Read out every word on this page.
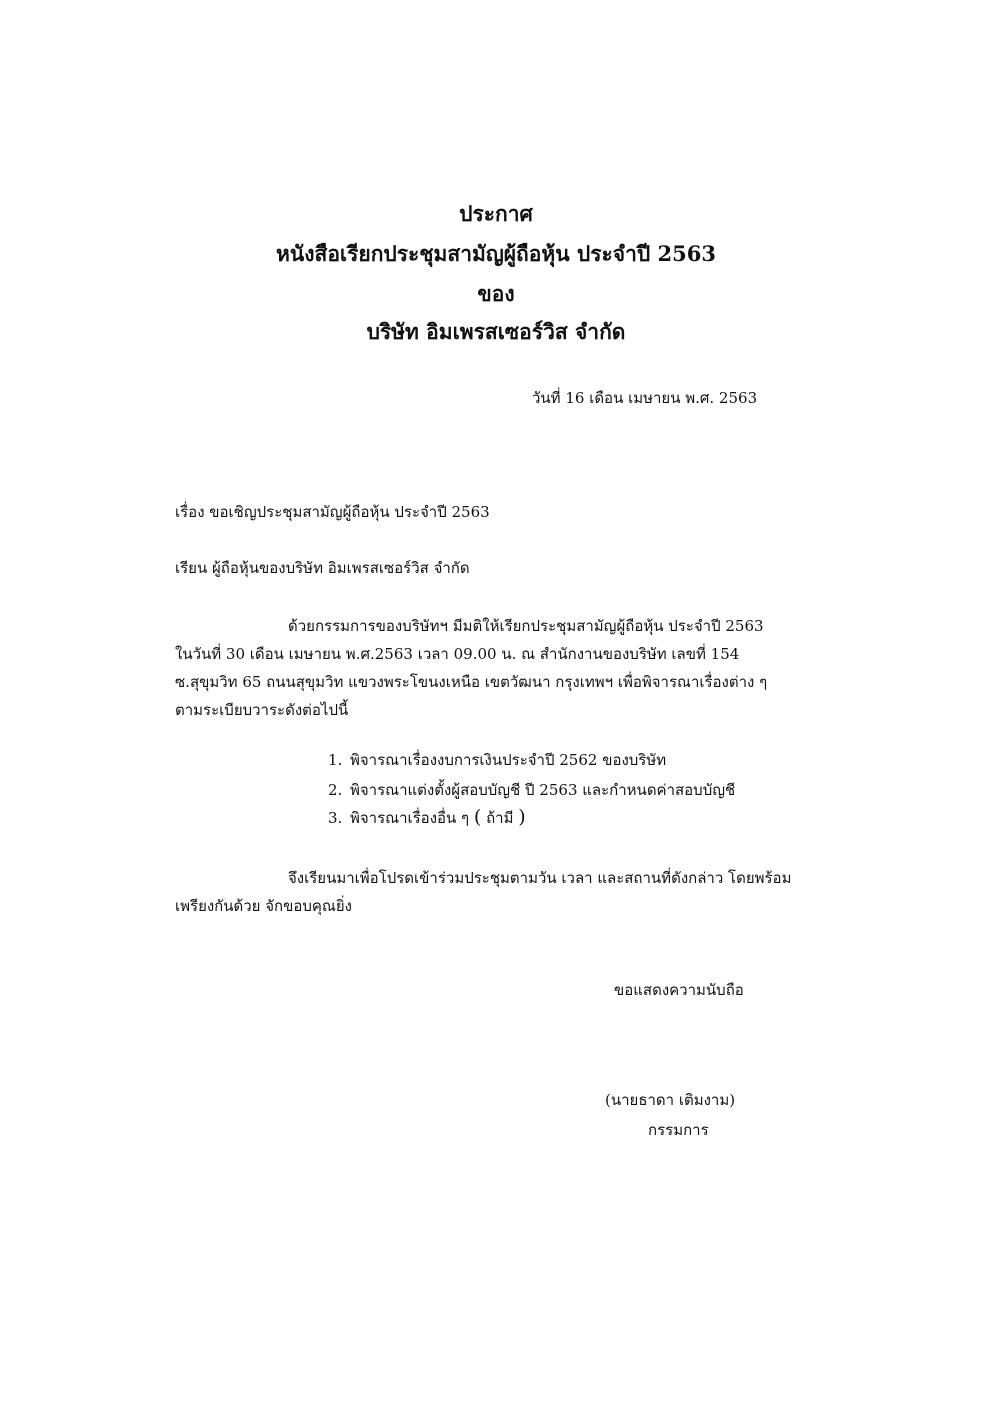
ประกาศ
หนังสือเรียกประชุมสามัญผู้ถือหุ้น ประจำปี 2563
ของ
บริษัท อิมเพรสเซอร์วิส จำกัด
วันที่ 16 เดือน เมษายน พ.ศ. 2563
เรื่อง ขอเชิญประชุมสามัญผู้ถือหุ้น ประจำปี 2563
เรียน ผู้ถือหุ้นของบริษัท อิมเพรสเซอร์วิส จำกัด
ด้วยกรรมการของบริษัทฯ มีมติให้เรียกประชุมสามัญผู้ถือหุ้น ประจำปี 2563
ในวันที่ 30 เดือน เมษายน พ.ศ.2563 เวลา 09.00 น. ณ สำนักงานของบริษัท เลขที่ 154
ซ.สุขุมวิท 65 ถนนสุขุมวิท แขวงพระโขนงเหนือ เขตวัฒนา กรุงเทพฯ เพื่อพิจารณาเรื่องต่าง ๆ
ตามระเบียบวาระดังต่อไปนี้
1. พิจารณาเรื่องงบการเงินประจำปี 2562 ของบริษัท
2. พิจารณาแต่งตั้งผู้สอบบัญชี ปี 2563 และกำหนดค่าสอบบัญชี
3. พิจารณาเรื่องอื่น ๆ ( ถ้ามี )
จึงเรียนมาเพื่อโปรดเข้าร่วมประชุมตามวัน เวลา และสถานที่ดังกล่าว โดยพร้อม
เพรียงกันด้วย จักขอบคุณยิ่ง
ขอแสดงความนับถือ
(นายธาดา เติมงาม)
กรรมการ
